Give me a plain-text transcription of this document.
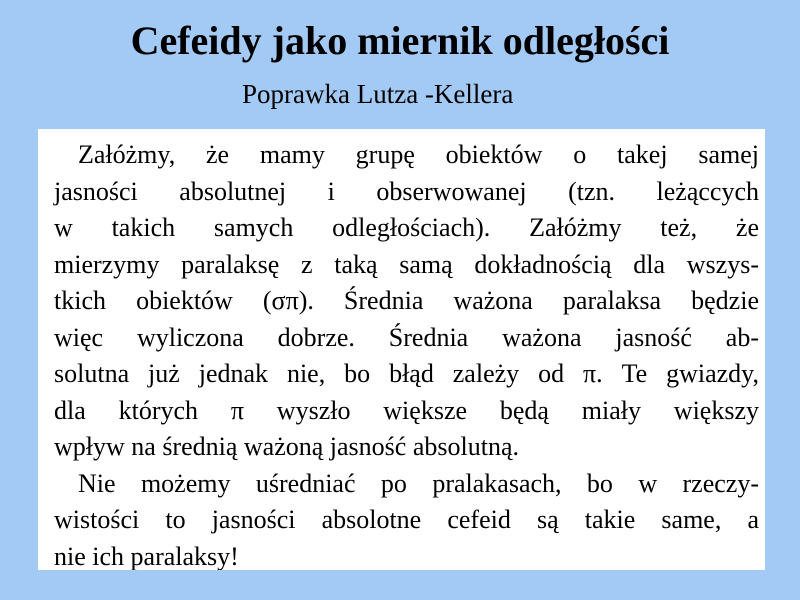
Cefeidy jako miernik odległości
Poprawka Lutza -Kellera
Załóżmy, że mamy grupę obiektów o takej samej
jasności absolutnej i obserwowanej (tzn. leżąccych
w takich samych odległościach). Załóżmy też, że
mierzymy paralaksę z taką samą dokładnością dla wszys-
tkich obiektów (σπ). Średnia ważona paralaksa będzie
więc wyliczona dobrze. Średnia ważona jasność ab-
solutna już jednak nie, bo błąd zależy od π. Te gwiazdy,
dla których π wyszło większe będą miały większy
wpływ na średnią ważoną jasność absolutną.
Nie możemy uśredniać po pralakasach, bo w rzeczy-
wistości to jasności absolotne cefeid są takie same, a
nie ich paralaksy!
